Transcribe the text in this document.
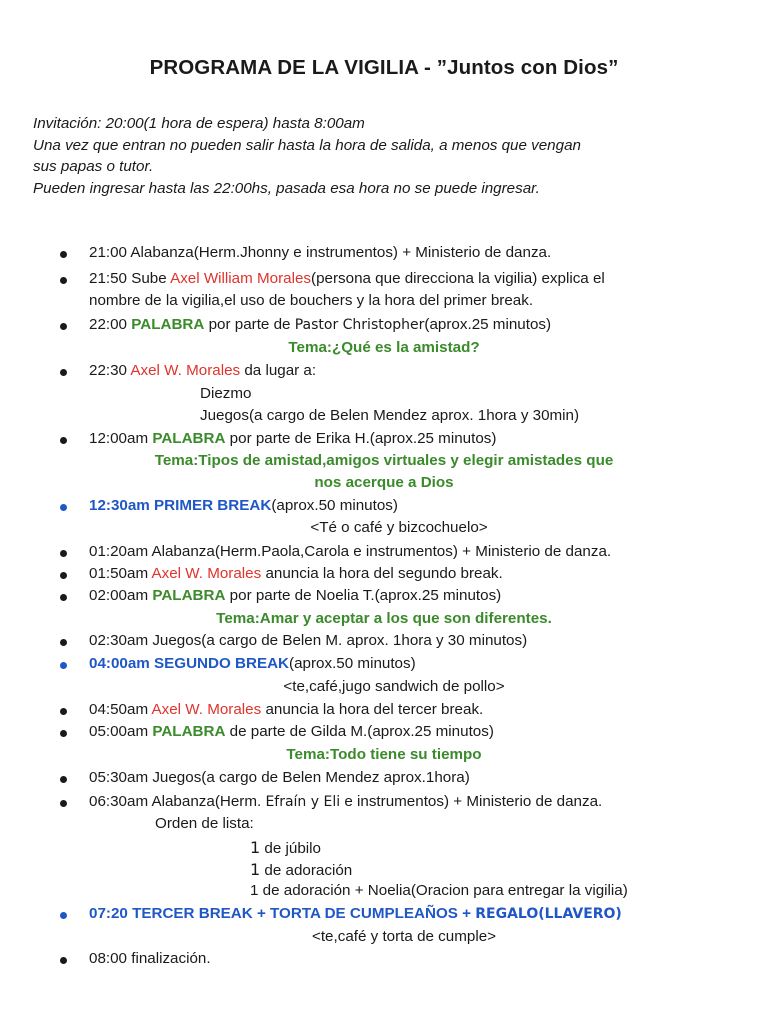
PROGRAMA DE LA VIGILIA - ”Juntos con Dios”
Invitación: 20:00(1 hora de espera) hasta 8:00am
Una vez que entran no pueden salir hasta la hora de salida, a menos que vengan
sus papas o tutor.
Pueden ingresar hasta las 22:00hs, pasada esa hora no se puede ingresar.
21:00 Alabanza(Herm.Jhonny e instrumentos) + Ministerio de danza.
21:50 Sube Axel William Morales(persona que direcciona la vigilia) explica el
nombre de la vigilia,el uso de bouchers y la hora del primer break.
22:00 PALABRA por parte de Pastor Christopher(aprox.25 minutos)
Tema:¿Qué es la amistad?
22:30 Axel W. Morales da lugar a:
Diezmo
Juegos(a cargo de Belen Mendez aprox. 1hora y 30min)
12:00am PALABRA por parte de Erika H.(aprox.25 minutos)
Tema:Tipos de amistad,amigos virtuales y elegir amistades que
nos acerque a Dios
12:30am PRIMER BREAK(aprox.50 minutos)
<Té o café y bizcochuelo>
01:20am Alabanza(Herm.Paola,Carola e instrumentos) + Ministerio de danza.
01:50am Axel W. Morales anuncia la hora del segundo break.
02:00am PALABRA por parte de Noelia T.(aprox.25 minutos)
Tema:Amar y aceptar a los que son diferentes.
02:30am Juegos(a cargo de Belen M. aprox. 1hora y 30 minutos)
04:00am SEGUNDO BREAK(aprox.50 minutos)
<te,café,jugo sandwich de pollo>
04:50am Axel W. Morales anuncia la hora del tercer break.
05:00am PALABRA de parte de Gilda M.(aprox.25 minutos)
Tema:Todo tiene su tiempo
05:30am Juegos(a cargo de Belen Mendez aprox.1hora)
06:30am Alabanza(Herm. Efraín y Eli e instrumentos) + Ministerio de danza.
Orden de lista:
1 de júbilo
1 de adoración
1 de adoración + Noelia(Oracion para entregar la vigilia)
07:20 TERCER BREAK + TORTA DE CUMPLEAÑOS + REGALO(LLAVERO)
<te,café y torta de cumple>
08:00 finalización.
